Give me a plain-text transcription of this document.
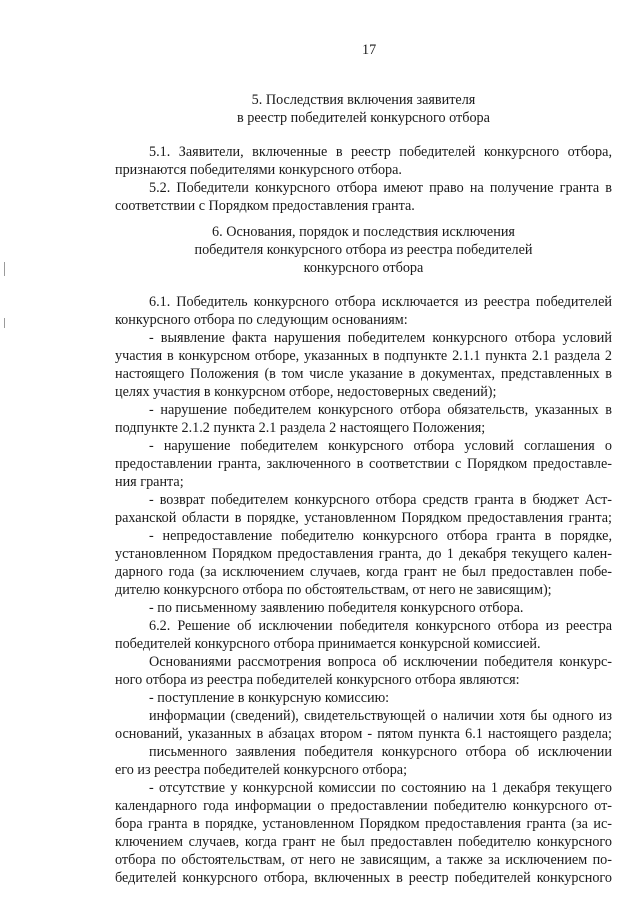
17
5. Последствия включения заявителя
в реестр победителей конкурсного отбора
5.1. Заявители, включенные в реестр победителей конкурсного отбора,
признаются победителями конкурсного отбора.
5.2. Победители конкурсного отбора имеют право на получение гранта в
соответствии с Порядком предоставления гранта.
6. Основания, порядок и последствия исключения
победителя конкурсного отбора из реестра победителей
конкурсного отбора
6.1. Победитель конкурсного отбора исключается из реестра победителей
конкурсного отбора по следующим основаниям:
- выявление факта нарушения победителем конкурсного отбора условий
участия в конкурсном отборе, указанных в подпункте 2.1.1 пункта 2.1 раздела 2
настоящего Положения (в том числе указание в документах, представленных в
целях участия в конкурсном отборе, недостоверных сведений);
- нарушение победителем конкурсного отбора обязательств, указанных в
подпункте 2.1.2 пункта 2.1 раздела 2 настоящего Положения;
- нарушение победителем конкурсного отбора условий соглашения о
предоставлении гранта, заключенного в соответствии с Порядком предоставле-
ния гранта;
- возврат победителем конкурсного отбора средств гранта в бюджет Аст-
раханской области в порядке, установленном Порядком предоставления гранта;
- непредоставление победителю конкурсного отбора гранта в порядке,
установленном Порядком предоставления гранта, до 1 декабря текущего кален-
дарного года (за исключением случаев, когда грант не был предоставлен побе-
дителю конкурсного отбора по обстоятельствам, от него не зависящим);
- по письменному заявлению победителя конкурсного отбора.
6.2. Решение об исключении победителя конкурсного отбора из реестра
победителей конкурсного отбора принимается конкурсной комиссией.
Основаниями рассмотрения вопроса об исключении победителя конкурс-
ного отбора из реестра победителей конкурсного отбора являются:
- поступление в конкурсную комиссию:
информации (сведений), свидетельствующей о наличии хотя бы одного из
оснований, указанных в абзацах втором - пятом пункта 6.1 настоящего раздела;
письменного заявления победителя конкурсного отбора об исключении
его из реестра победителей конкурсного отбора;
- отсутствие у конкурсной комиссии по состоянию на 1 декабря текущего
календарного года информации о предоставлении победителю конкурсного от-
бора гранта в порядке, установленном Порядком предоставления гранта (за ис-
ключением случаев, когда грант не был предоставлен победителю конкурсного
отбора по обстоятельствам, от него не зависящим, а также за исключением по-
бедителей конкурсного отбора, включенных в реестр победителей конкурсного
